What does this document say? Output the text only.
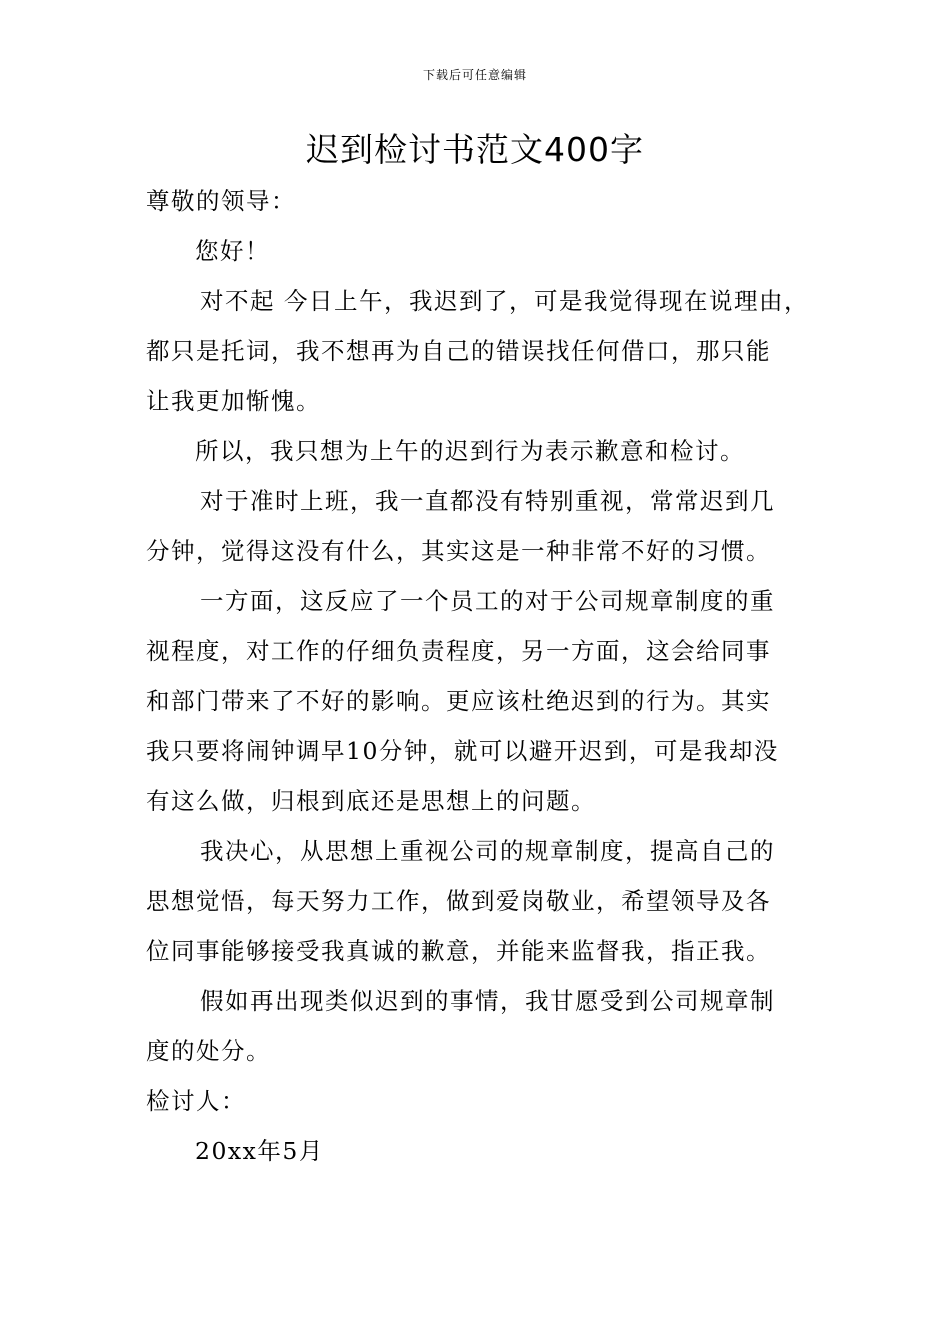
下载后可任意编辑
迟到检讨书范文400字
尊敬的领导：
您好！
对不起 今日上午，我迟到了，可是我觉得现在说理由，
都只是托词，我不想再为自己的错误找任何借口，那只能
让我更加惭愧。
所以，我只想为上午的迟到行为表示歉意和检讨。
对于准时上班，我一直都没有特别重视，常常迟到几
分钟，觉得这没有什么，其实这是一种非常不好的习惯。
一方面，这反应了一个员工的对于公司规章制度的重
视程度，对工作的仔细负责程度，另一方面，这会给同事
和部门带来了不好的影响。更应该杜绝迟到的行为。其实
我只要将闹钟调早10分钟，就可以避开迟到，可是我却没
有这么做，归根到底还是思想上的问题。
我决心，从思想上重视公司的规章制度，提高自己的
思想觉悟，每天努力工作，做到爱岗敬业，希望领导及各
位同事能够接受我真诚的歉意，并能来监督我，指正我。
假如再出现类似迟到的事情，我甘愿受到公司规章制
度的处分。
检讨人：
20xx年5月
